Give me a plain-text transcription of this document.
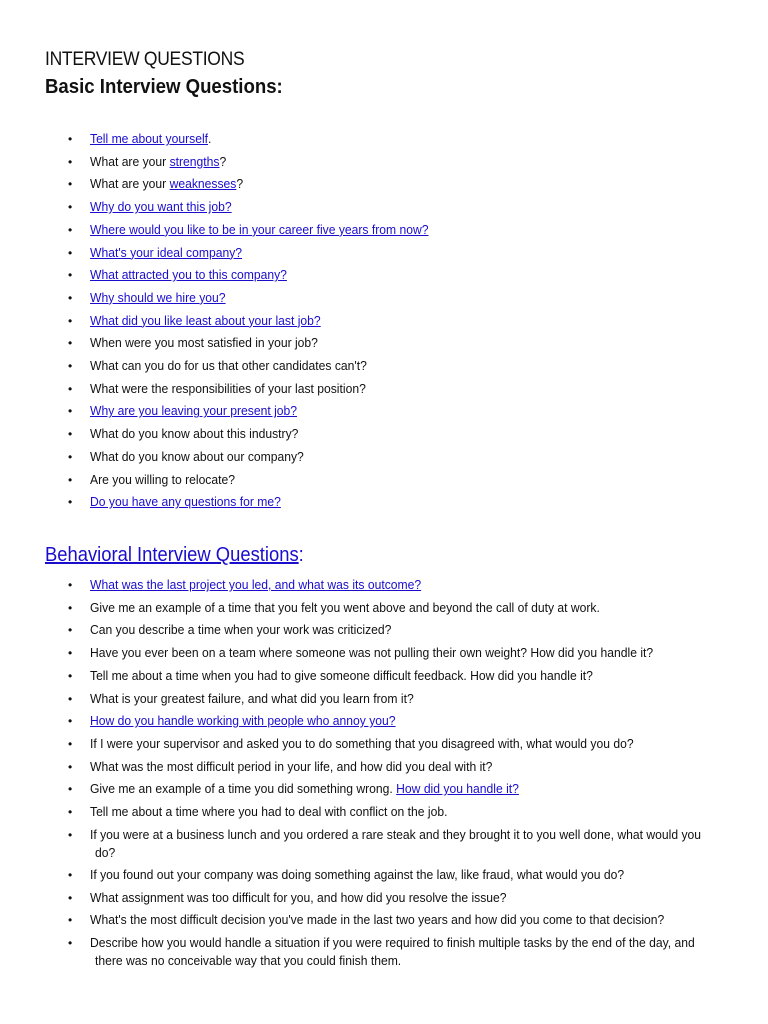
INTERVIEW QUESTIONS
Basic Interview Questions:
• Tell me about yourself.
• What are your strengths?
• What are your weaknesses?
• Why do you want this job?
• Where would you like to be in your career five years from now?
• What's your ideal company?
• What attracted you to this company?
• Why should we hire you?
• What did you like least about your last job?
• When were you most satisfied in your job?
• What can you do for us that other candidates can't?
• What were the responsibilities of your last position?
• Why are you leaving your present job?
• What do you know about this industry?
• What do you know about our company?
• Are you willing to relocate?
• Do you have any questions for me?
Behavioral Interview Questions:
• What was the last project you led, and what was its outcome?
• Give me an example of a time that you felt you went above and beyond the call of duty at work.
• Can you describe a time when your work was criticized?
• Have you ever been on a team where someone was not pulling their own weight? How did you handle it?
• Tell me about a time when you had to give someone difficult feedback. How did you handle it?
• What is your greatest failure, and what did you learn from it?
• How do you handle working with people who annoy you?
• If I were your supervisor and asked you to do something that you disagreed with, what would you do?
• What was the most difficult period in your life, and how did you deal with it?
• Give me an example of a time you did something wrong. How did you handle it?
• Tell me about a time where you had to deal with conflict on the job.
• If you were at a business lunch and you ordered a rare steak and they brought it to you well done, what would you
do?
• If you found out your company was doing something against the law, like fraud, what would you do?
• What assignment was too difficult for you, and how did you resolve the issue?
• What's the most difficult decision you've made in the last two years and how did you come to that decision?
• Describe how you would handle a situation if you were required to finish multiple tasks by the end of the day, and
there was no conceivable way that you could finish them.
